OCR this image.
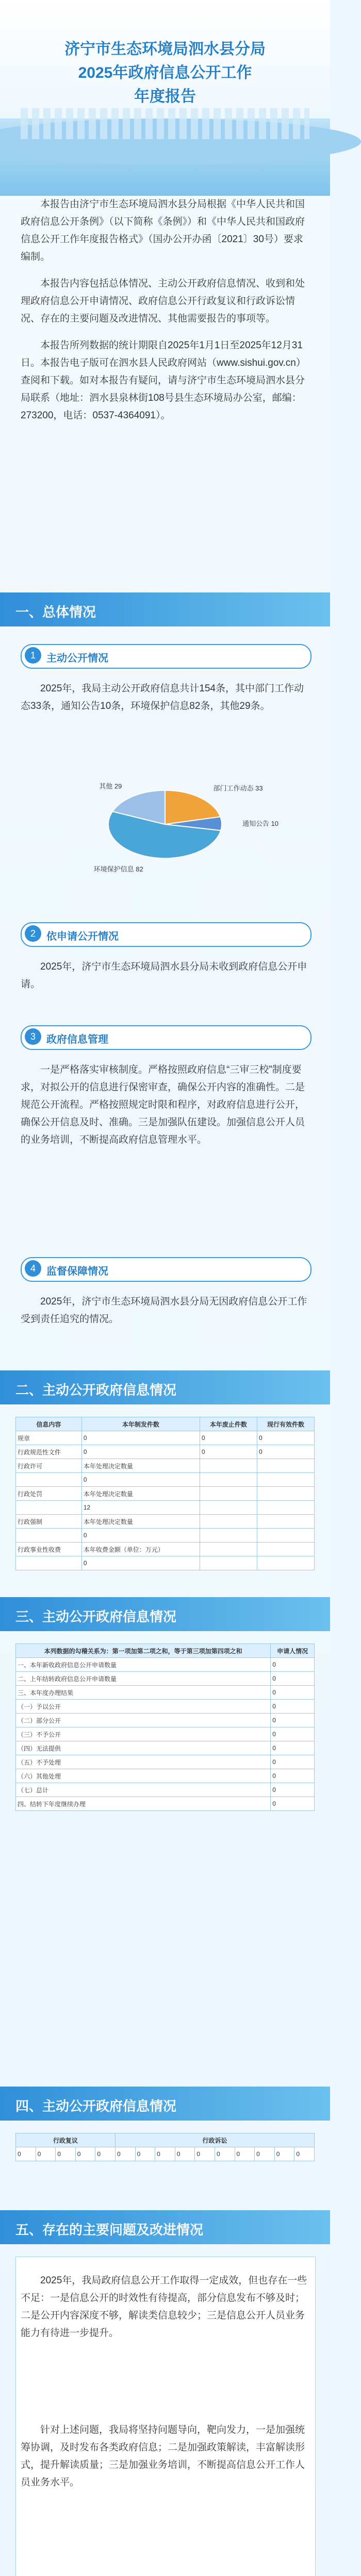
济宁市生态环境局泗水县分局
2025年政府信息公开工作
年度报告

本报告由济宁市生态环境局泗水县分局根据《中华人民共和国政府信息公开条例》（以下简称《条例》）和《中华人民共和国政府信息公开工作年度报告格式》（国办公开办函〔2021〕30号）要求编制。

本报告内容包括总体情况、主动公开政府信息情况、收到和处理政府信息公开申请情况、政府信息公开行政复议和行政诉讼情况、存在的主要问题及改进情况、其他需要报告的事项等。

本报告所列数据的统计期限自2025年1月1日至2025年12月31日。本报告电子版可在泗水县人民政府网站（www.sishui.gov.cn）查阅和下载。如对本报告有疑问，请与济宁市生态环境局泗水县分局联系（地址：泗水县泉林街108号县生态环境局办公室，邮编：273200，电话：0537-4364091）。

一、总体情况
1	主动公开情况

2025年，我局主动公开政府信息共计154条，其中部门工作动态33条，通知公告10条，环境保护信息82条，其他29条。

部门工作动态 33
通知公告 10
环境保护信息 82
其他 29
2	依申请公开情况

2025年，济宁市生态环境局泗水县分局未收到政府信息公开申请。

3	政府信息管理

一是严格落实审核制度。严格按照政府信息“三审三校”制度要求，对拟公开的信息进行保密审查，确保公开内容的准确性。二是规范公开流程。严格按照规定时限和程序，对政府信息进行公开，确保公开信息及时、准确。三是加强队伍建设。加强信息公开人员的业务培训，不断提高政府信息管理水平。

4	监督保障情况

2025年，济宁市生态环境局泗水县分局无因政府信息公开工作受到责任追究的情况。

二、主动公开政府信息情况
信息内容	本年制发件数	本年废止件数	现行有效件数
规章	0	0	0
行政规范性文件	0	0	0
行政许可	本年处理决定数量		
	0		
行政处罚	本年处理决定数量		
	12		
行政强制	本年处理决定数量		
	0		
行政事业性收费	本年收费金额（单位：万元）		
	0		
三、主动公开政府信息情况
本列数据的勾稽关系为：第一项加第二项之和，等于第三项加第四项之和	申请人情况
一、本年新收政府信息公开申请数量	0
二、上年结转政府信息公开申请数量	0
三、本年度办理结果	0
（一）予以公开	0
（二）部分公开	0
（三）不予公开	0
（四）无法提供	0
（五）不予处理	0
（六）其他处理	0
（七）总计	0
四、结转下年度继续办理	0
四、主动公开政府信息情况
行政复议					行政诉讼									
0	0	0	0	0	0	0	0	0	0	0	0	0	0	0
五、存在的主要问题及改进情况

2025年，我局政府信息公开工作取得一定成效，但也存在一些不足：一是信息公开的时效性有待提高，部分信息发布不够及时；二是公开内容深度不够，解读类信息较少；三是信息公开人员业务能力有待进一步提升。

针对上述问题，我局将坚持问题导向，靶向发力，一是加强统筹协调，及时发布各类政府信息；二是加强政策解读，丰富解读形式，提升解读质量；三是加强业务培训，不断提高信息公开工作人员业务水平。
